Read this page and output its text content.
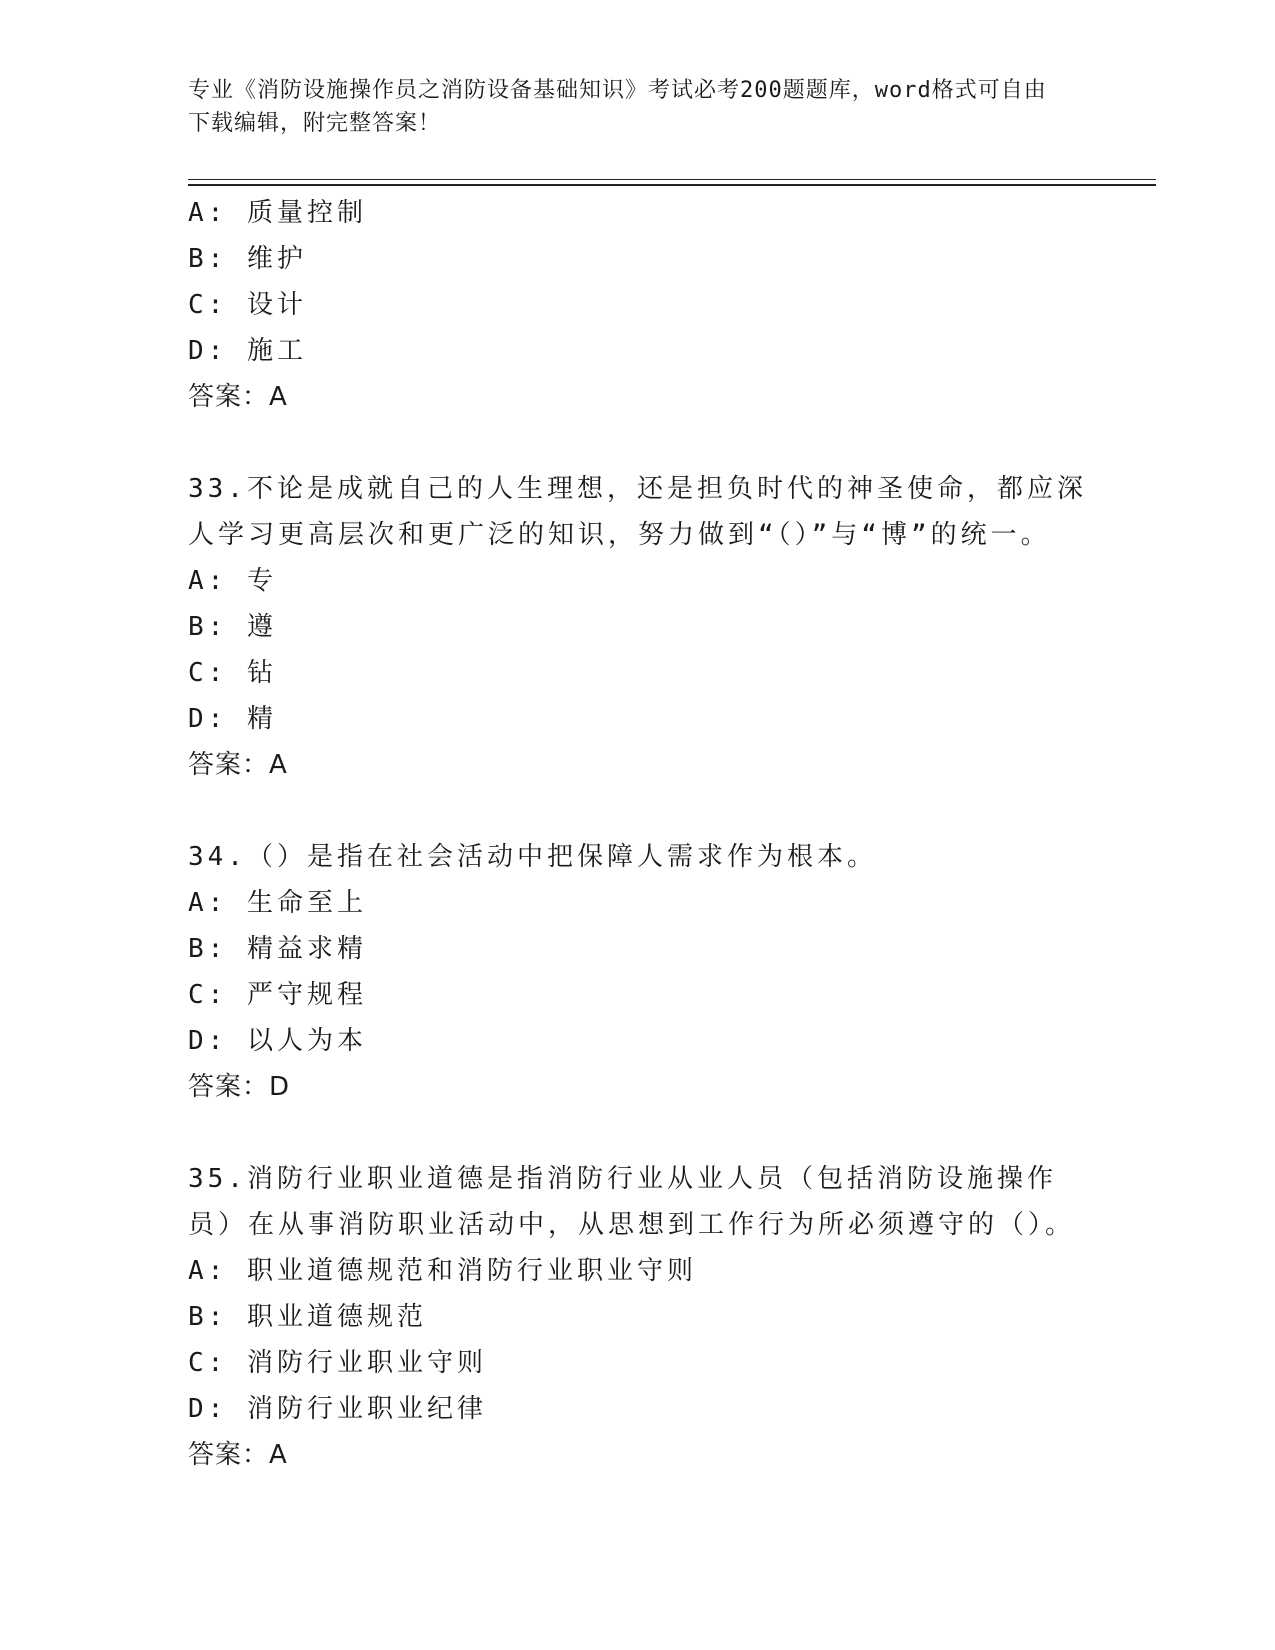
专业《消防设施操作员之消防设备基础知识》考试必考200题题库，word格式可自由下载编辑，附完整答案！
A: 质量控制
B: 维护
C: 设计
D: 施工
答案：A
33.不论是成就自己的人生理想，还是担负时代的神圣使命，都应深人学习更高层次和更广泛的知识，努力做到“（）”与“博”的统一。
A: 专
B: 遵
C: 钻
D: 精
答案：A
34.（）是指在社会活动中把保障人需求作为根本。
A: 生命至上
B: 精益求精
C: 严守规程
D: 以人为本
答案：D
35.消防行业职业道德是指消防行业从业人员（包括消防设施操作员）在从事消防职业活动中，从思想到工作行为所必须遵守的（）。
A: 职业道德规范和消防行业职业守则
B: 职业道德规范
C: 消防行业职业守则
D: 消防行业职业纪律
答案：A
